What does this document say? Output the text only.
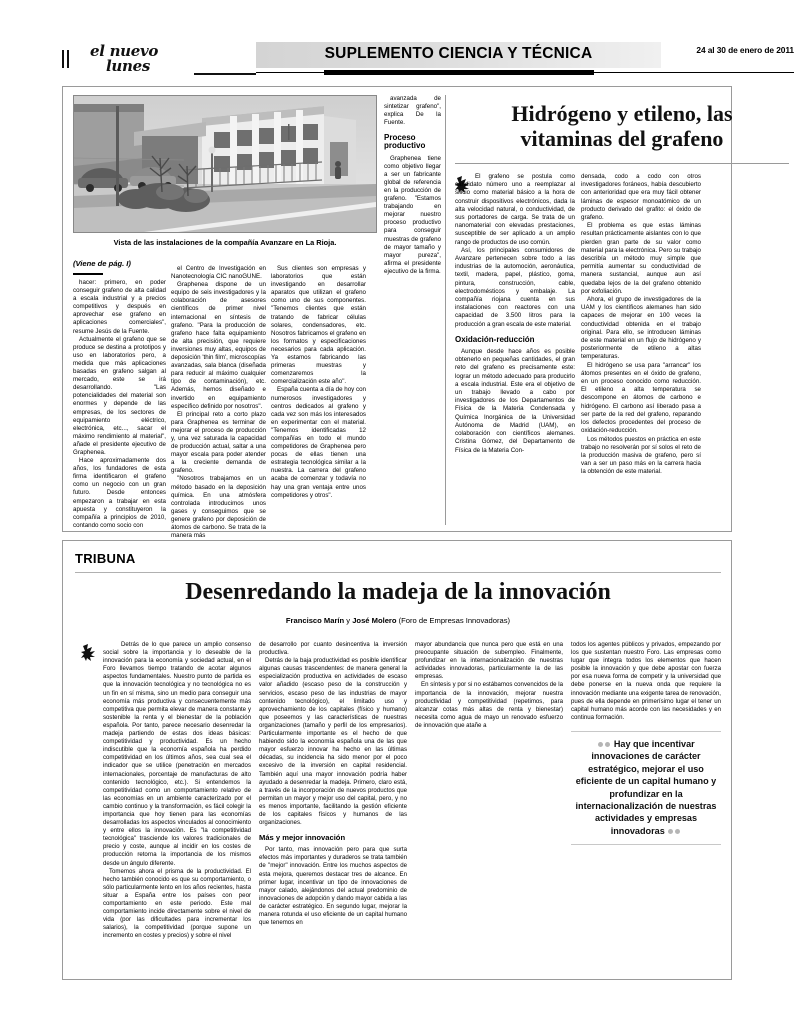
el nuevo
lunes
SUPLEMENTO CIENCIA Y TÉCNICA	24 al 30 de enero de 2011
Vista de las instalaciones de la compañía Avanzare en La Rioja.
(Viene de pág. I)

hacer: primero, en poder conseguir grafeno de alta calidad a escala industrial y a precios competitivos y después en aprovechar ese grafeno en aplicaciones comerciales", resume Jesús de la Fuente.

Actualmente el grafeno que se produce se destina a prototipos y uso en laboratorios pero, a medida que más aplicaciones basadas en grafeno salgan al mercado, este se irá desarrollando. "Las potencialidades del material son enormes y depende de las empresas, de los sectores de equipamiento eléctrico, electrónica, etc..., sacar el máximo rendimiento al material", añade el presidente ejecutivo de Graphenea.

Hace aproximadamente dos años, los fundadores de esta firma identificaron el grafeno como un negocio con un gran futuro. Desde entonces empezaron a trabajar en esta apuesta y constituyeron la compañía a principios de 2010, contando como socio con

el Centro de Investigación en Nanotecnología CIC nanoGUNE.

Graphenea dispone de un equipo de seis investigadores y la colaboración de asesores científicos de primer nivel internacional en síntesis de grafeno. "Para la producción de grafeno hace falta equipamiento de alta precisión, que requiere inversiones muy altas, equipos de deposición 'thin film', microscopías avanzadas, sala blanca (diseñada para reducir al máximo cualquier tipo de contaminación), etc. Además, hemos diseñado e invertido en equipamiento específico definido por nosotros".

El principal reto a corto plazo para Graphenea es terminar de mejorar el proceso de producción y, una vez saturada la capacidad de producción actual, saltar a una mayor escala para poder atender a la creciente demanda de grafeno.

"Nosotros trabajamos en un método basado en la deposición química. En una atmósfera controlada introducimos unos gases y conseguimos que se genere grafeno por deposición de átomos de carbono. Se trata de la manera más

Sus clientes son empresas y laboratorios que están investigando en desarrollar aparatos que utilizan el grafeno como uno de sus componentes. "Tenemos clientes que están tratando de fabricar células solares, condensadores, etc. Nosotros fabricamos el grafeno en los formatos y especificaciones necesarios para cada aplicación. Ya estamos fabricando las primeras muestras y comenzaremos la comercialización este año".

España cuenta a día de hoy con numerosos investigadores y centros dedicados al grafeno y cada vez son más los interesados en experimentar con el material. "Tenemos identificadas 12 compañías en todo el mundo competidores de Graphenea pero pocas de ellas tienen una estrategia tecnológica similar a la nuestra. La carrera del grafeno acaba de comenzar y todavía no hay una gran ventaja entre unos competidores y otros".

avanzada de sintetizar grafeno", explica De la Fuente.

Proceso productivo

Graphenea tiene como objetivo llegar a ser un fabricante global de referencia en la producción de grafeno. "Estamos trabajando en mejorar nuestro proceso productivo para conseguir muestras de grafeno de mayor tamaño y mayor pureza", afirma el presidente ejecutivo de la firma.

Hidrógeno y etileno, las
vitaminas del grafeno

El grafeno se postula como candidato número uno a reemplazar al silicio como material básico a la hora de construir dispositivos electrónicos, dada la alta velocidad natural, o conductividad, de sus portadores de carga. Se trata de un nanomaterial con elevadas prestaciones, susceptible de ser aplicado a un amplio rango de productos de uso común.

Así, los principales consumidores de Avanzare pertenecen sobre todo a las industrias de la automoción, aeronáutica, textil, madera, papel, plástico, goma, pintura, construcción, cable, electrodomésticos y embalaje. La compañía riojana cuenta en sus instalaciones con reactores con una capacidad de 3.500 litros para la producción a gran escala de este material.

Oxidación-reducción

Aunque desde hace años es posible obtenerlo en pequeñas cantidades, el gran reto del grafeno es precisamente este: lograr un método adecuado para producirlo a escala industrial. Este era el objetivo de un trabajo llevado a cabo por investigadores de los Departamentos de Física de la Materia Condensada y Química Inorgánica de la Universidad Autónoma de Madrid (UAM), en colaboración con científicos alemanes. Cristina Gómez, del Departamento de Física de la Materia Con-

densada, codo a codo con otros investigadores foráneos, había descubierto con anterioridad que era muy fácil obtener láminas de espesor monoatómico de un producto derivado del grafito: el óxido de grafeno.

El problema es que estas láminas resultan prácticamente aislantes con lo que pierden gran parte de su valor como material para la electrónica. Pero su trabajo describía un método muy simple que permitía aumentar su conductividad de manera sustancial, aunque aun así quedaba lejos de la del grafeno obtenido por exfoliación.

Ahora, el grupo de investigadores de la UAM y los científicos alemanes han sido capaces de mejorar en 100 veces la conductividad obtenida en el trabajo original. Para ello, se introducen láminas de este material en un flujo de hidrógeno y posteriormente de etileno a altas temperaturas.

El hidrógeno se usa para "arrancar" los átomos presentes en el óxido de grafeno, en un proceso conocido como reducción. El etileno a alta temperatura se descompone en átomos de carbono e hidrógeno. El carbono así liberado pasa a ser parte de la red del grafeno, reparando los defectos procedentes del proceso de oxidación-reducción.

Los métodos puestos en práctica en este trabajo no resolverán por sí solos el reto de la producción masiva de grafeno, pero sí van a ser un paso más en la carrera hacia la obtención de este material.

TRIBUNA
Desenredando la madeja de la innovación
Francisco Marín y José Molero (Foro de Empresas Innovadoras)

Detrás de lo que parece un amplio consenso social sobre la importancia y lo deseable de la innovación para la economía y sociedad actual, en el Foro llevamos tiempo tratando de acotar algunos aspectos fundamentales. Nuestro punto de partida es que la innovación tecnológica y no tecnológica no es un fin en sí misma, sino un medio para conseguir una economía más productiva y consecuentemente más competitiva que permita elevar de manera constante y sostenible la renta y el bienestar de la población española. Por tanto, parece necesario desenredar la madeja partiendo de estas dos ideas básicas: competitividad y productividad. Es un hecho indiscutible que la economía española ha perdido competitividad en los últimos años, sea cual sea el indicador que se utilice (penetración en mercados internacionales, porcentaje de manufacturas de alto contenido tecnológico, etc.). Si entendemos la competitividad como un comportamiento relativo de las economías en un ambiente caracterizado por el cambio continuo y la transformación, es fácil colegir la importancia que hoy tienen para las economías desarrolladas los aspectos vinculados al conocimiento y entre ellos la innovación. Es "la competitividad tecnológica" trasciende los valores tradicionales de precio y coste, aunque al incidir en los costes de producción retorna la importancia de los mismos desde un ángulo diferente.

Tomemos ahora el prisma de la productividad. El hecho también conocido es que su comportamiento, o sólo particularmente lento en los años recientes, hasta situar a España entre los países con peor comportamiento en este periodo. Este mal comportamiento incide directamente sobre el nivel de vida (por las dificultades para incrementar los salarios), la competitividad (porque supone un incremento en costes y precios) y sobre el nivel

de desarrollo por cuanto desincentiva la inversión productiva.

Detrás de la baja productividad es posible identificar algunas causas trascendentes: de manera general la especialización productiva en actividades de escaso valor añadido (escaso peso de la construcción y servicios, escaso peso de las industrias de mayor contenido tecnológico), el limitado uso y aprovechamiento de los capitales (físico y humano) que poseemos y las características de nuestras organizaciones (tamaño y perfil de los empresarios). Particularmente importante es el hecho de que habiendo sido la economía española una de las que mayor esfuerzo innovar ha hecho en las últimas décadas, su incidencia ha sido menor por el poco excesivo de la inversión en capital residencial. También aquí una mayor innovación podría haber ayudado a desenredar la madeja. Primero, claro está, a través de la incorporación de nuevos productos que permitan un mayor y mejor uso del capital, pero, y no es menos importante, facilitando la gestión eficiente de los capitales físicos y humanos de las organizaciones.

Más y mejor innovación

Por tanto, mas innovación pero para que surta efectos más importantes y duraderos se trata también de "mejor" innovación. Entre los muchos aspectos de esta mejora, queremos destacar tres de alcance. En primer lugar, incentivar un tipo de innovaciones de mayor calado, alejándonos del actual predominio de innovaciones de adopción y dando mayor cabida a las de carácter estratégico. En segundo lugar, mejorar la manera rotunda el uso eficiente de un capital humano que tenemos en

mayor abundancia que nunca pero que está en una preocupante situación de subempleo. Finalmente, profundizar en la internacionalización de nuestras actividades innovadoras, particularmente la de las empresas.

En síntesis y por si no estábamos convencidos de la importancia de la innovación, mejorar nuestra productividad y competitividad (repetimos, para alcanzar cotas más altas de renta y bienestar) necesita como agua de mayo un renovado esfuerzo de innovación que atañe a

todos los agentes públicos y privados, empezando por los que sustentan nuestro Foro. Las empresas como lugar que integra todos los elementos que hacen posible la innovación y que debe apostar con fuerza por esa nueva forma de competir y la universidad que debe ponerse en la nueva onda que requiere la innovación mediante una exigente tarea de renovación, pues de ella depende en primerísimo lugar el tener un capital humano más acorde con las necesidades y en continua formación.

Hay que incentivar innovaciones de carácter estratégico, mejorar el uso eficiente de un capital humano y profundizar en la internacionalización de nuestras actividades y empresas innovadoras
